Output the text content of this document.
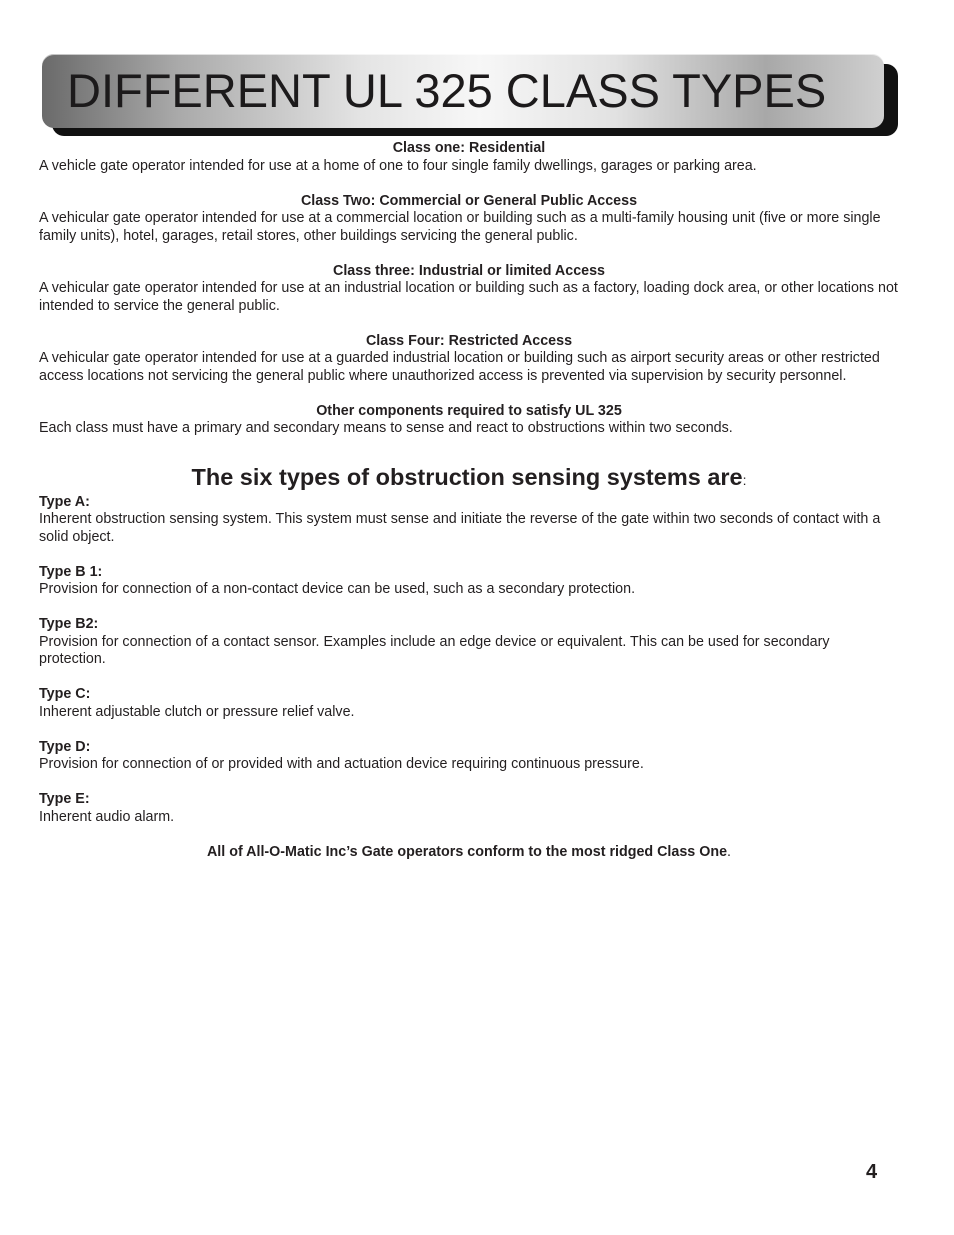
DIFFERENT UL 325 CLASS TYPES

Class one: Residential

A vehicle gate operator intended for use at a home of one to four single family dwellings, garages or parking area.

Class Two: Commercial or General Public Access

A vehicular gate operator intended for use at a commercial location or building such as a multi-family housing unit (five or more single family units), hotel, garages, retail stores, other buildings servicing the general public.

Class three: Industrial or limited Access

A vehicular gate operator intended for use at an industrial location or building such as a factory, loading dock area, or other locations not intended to service the general public.

Class Four: Restricted Access

A vehicular gate operator intended for use at a guarded industrial location or building such as airport security areas or other restricted access locations not servicing the general public where unauthorized access is prevented via supervision by security personnel.

Other components required to satisfy UL 325

Each class must have a primary and secondary means to sense and react to obstructions within two seconds.

The six types of obstruction sensing systems are:

Type A:

Inherent obstruction sensing system. This system must sense and initiate the reverse of the gate within two seconds of contact with a solid object.

Type B 1:

Provision for connection of a non-contact device can be used, such as a secondary protection.

Type B2:

Provision for connection of a contact sensor. Examples include an edge device or equivalent. This can be used for secondary protection.

Type C:

Inherent adjustable clutch or pressure relief valve.

Type D:

Provision for connection of or provided with and actuation device requiring continuous pressure.

Type E:

Inherent audio alarm.

All of All-O-Matic Inc’s Gate operators conform to the most ridged Class One.

4
